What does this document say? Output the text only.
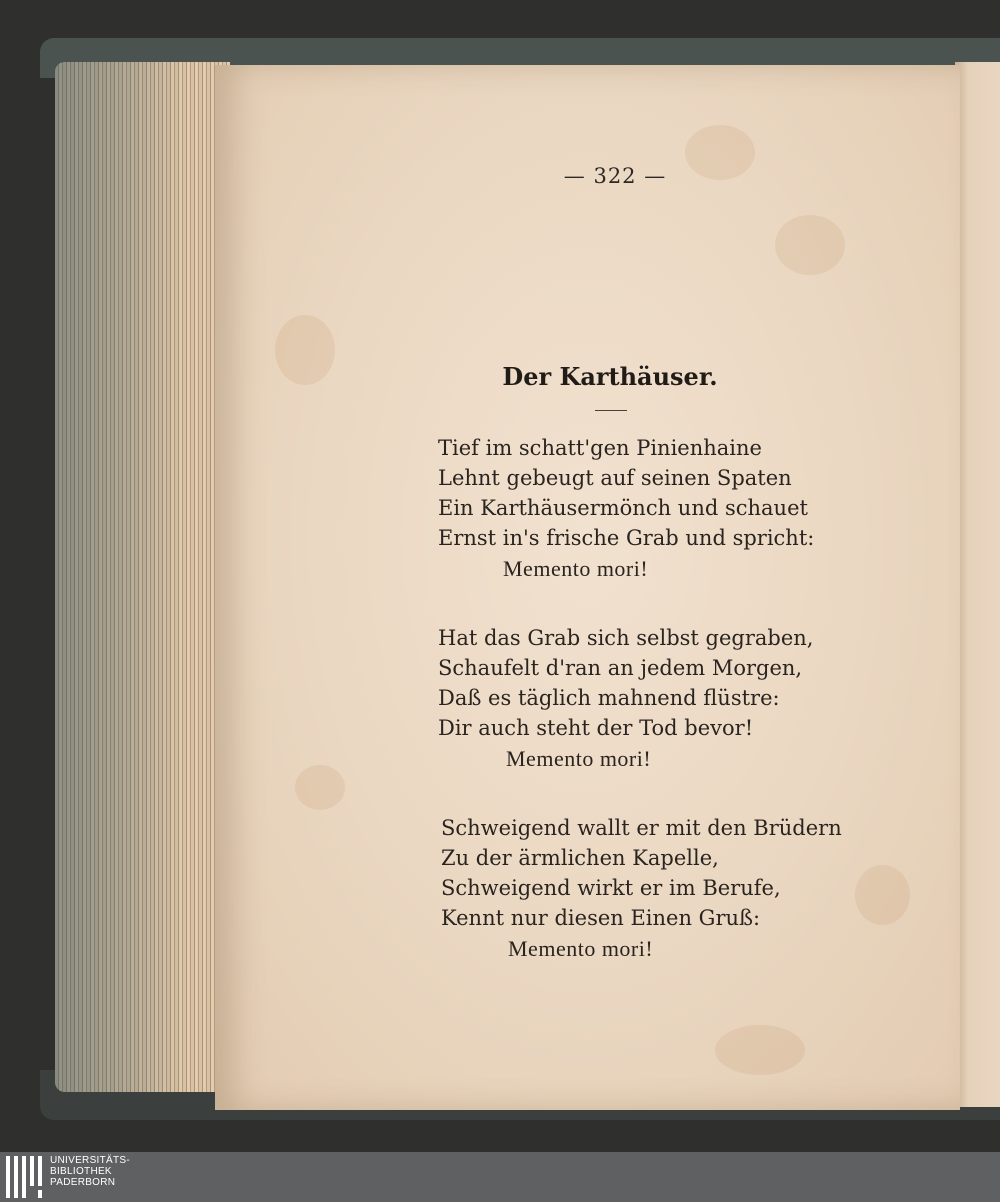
— 322 —
Der Karthäuser.
Tief im schatt'gen Pinienhaine
Lehnt gebeugt auf seinen Spaten
Ein Karthäusermönch und schauet
Ernst in's frische Grab und spricht:
Memento mori!
Hat das Grab sich selbst gegraben,
Schaufelt d'ran an jedem Morgen,
Daß es täglich mahnend flüstre:
Dir auch steht der Tod bevor!
Memento mori!
Schweigend wallt er mit den Brüdern
Zu der ärmlichen Kapelle,
Schweigend wirkt er im Berufe,
Kennt nur diesen Einen Gruß:
Memento mori!
UNIVERSITÄTS-
BIBLIOTHEK
PADERBORN
